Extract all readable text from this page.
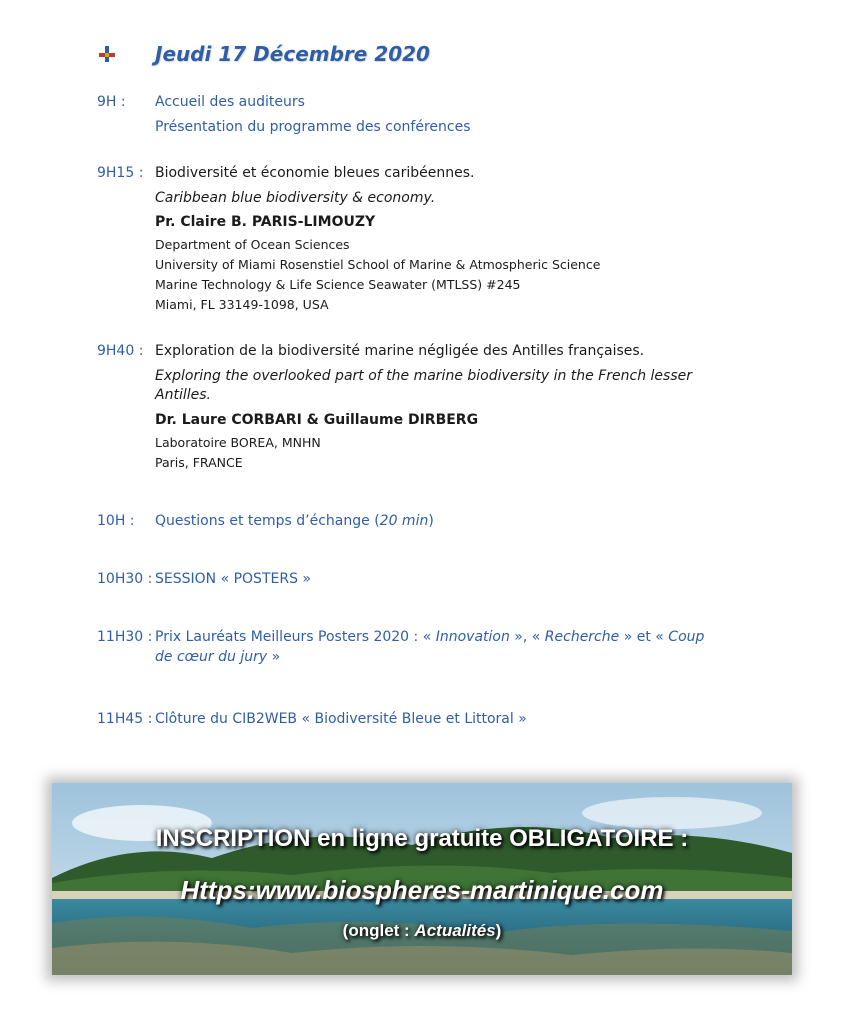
Jeudi 17 Décembre 2020
9H : Accueil des auditeurs
Présentation du programme des conférences
9H15 : Biodiversité et économie bleues caribéennes.
Caribbean blue biodiversity & economy.
Pr. Claire B. PARIS-LIMOUZY
Department of Ocean Sciences
University of Miami Rosenstiel School of Marine & Atmospheric Science
Marine Technology & Life Science Seawater (MTLSS) #245
Miami, FL 33149-1098, USA
9H40 : Exploration de la biodiversité marine négligée des Antilles françaises.
Exploring the overlooked part of the marine biodiversity in the French lesser
Antilles.
Dr. Laure CORBARI & Guillaume DIRBERG
Laboratoire BOREA, MNHN
Paris, FRANCE
10H : Questions et temps d’échange (20 min)
10H30 : SESSION « POSTERS »
11H30 : Prix Lauréats Meilleurs Posters 2020 : « Innovation », « Recherche » et « Coup
de cœur du jury »
11H45 : Clôture du CIB2WEB « Biodiversité Bleue et Littoral »
INSCRIPTION en ligne gratuite OBLIGATOIRE :
Https:www.biospheres-martinique.com
(onglet : Actualités)
